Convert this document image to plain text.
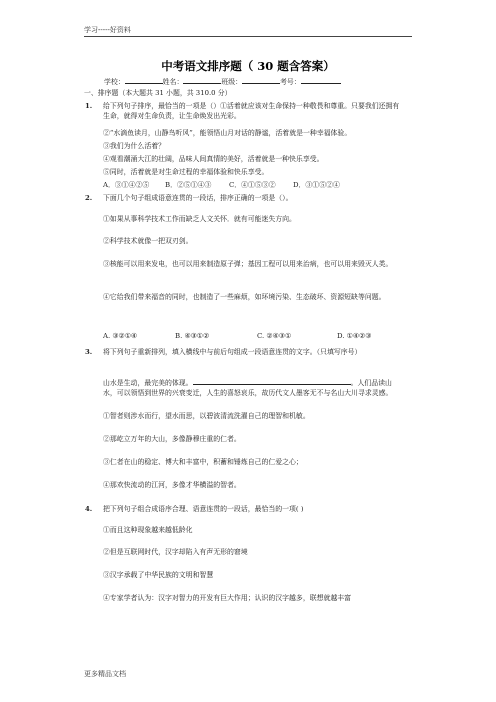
学习-----好资料
中考语文排序题（ 30 题含答案）
学校：	姓名：	班级：	考号：
一、排序题（本大题共 31 小题，共 310.0 分）
1. 给下列句子排序，最恰当的一项是（）①活着就应该对生命保持一种敬畏和尊重。只要我们还拥有生命，就得对生命负责，让生命焕发出光彩。
②“水滴鱼读月，山静鸟听风”，能领悟山月对话的静谧，活着就是一种幸福体验。
③我们为什么活着？
④观看潮涌大江的壮阔，品味人间真情的美好，活着就是一种快乐享受。
⑤同时，活着就是对生命过程的幸福体验和快乐享受。
A．③①④②⑤ B．②⑤①④③	C．④①⑤③②	D．③①⑤②④
2. 下面几个句子组成语意连贯的一段话，排序正确的一项是（）。
①如果从事科学技术工作而缺乏人文关怀．就有可能迷失方向。
②科学技术就像一把双刃剑。
③核能可以用来发电，也可以用来制造原子弹；基因工程可以用来治病，也可以用来毁灭人类。
④它给我们带来福音的同时，也制造了一些麻烦，如环境污染、生态破坏、资源短缺等问题。
A. ③②①④	B. ④③①②	C. ②④③①	D. ①④②③
3. 将下列句子重新排列，填入横线中与前后句组成一段语意连贯的文字。（只填写序号）
山水是生动，最完美的体现。	。人们品读山水，可以领悟到世界的兴衰变迁，人生的喜怒哀乐，故历代文人墨客无不与名山大川寻求灵感。
①智者则涉水而行，望水而思，以碧波清流洗濯自己的理智和机敏。
②那屹立万年的大山，多像静穆庄重的仁者。
③仁者在山的稳定、博大和丰富中，积蓄和锤炼自己的仁爱之心；
④那欢快流动的江河，多像才华横溢的智者。
4. 把下列句子组合成语序合理、语意连贯的一段话，最恰当的一项( )
①而且这种现象越来越低龄化
②但是互联网时代，汉字却陷入有声无形的窘境
③汉字承载了中华民族的文明和智慧
④专家学者认为：汉字对智力的开发有巨大作用；认识的汉字越多，联想就越丰富
更多精品文档
